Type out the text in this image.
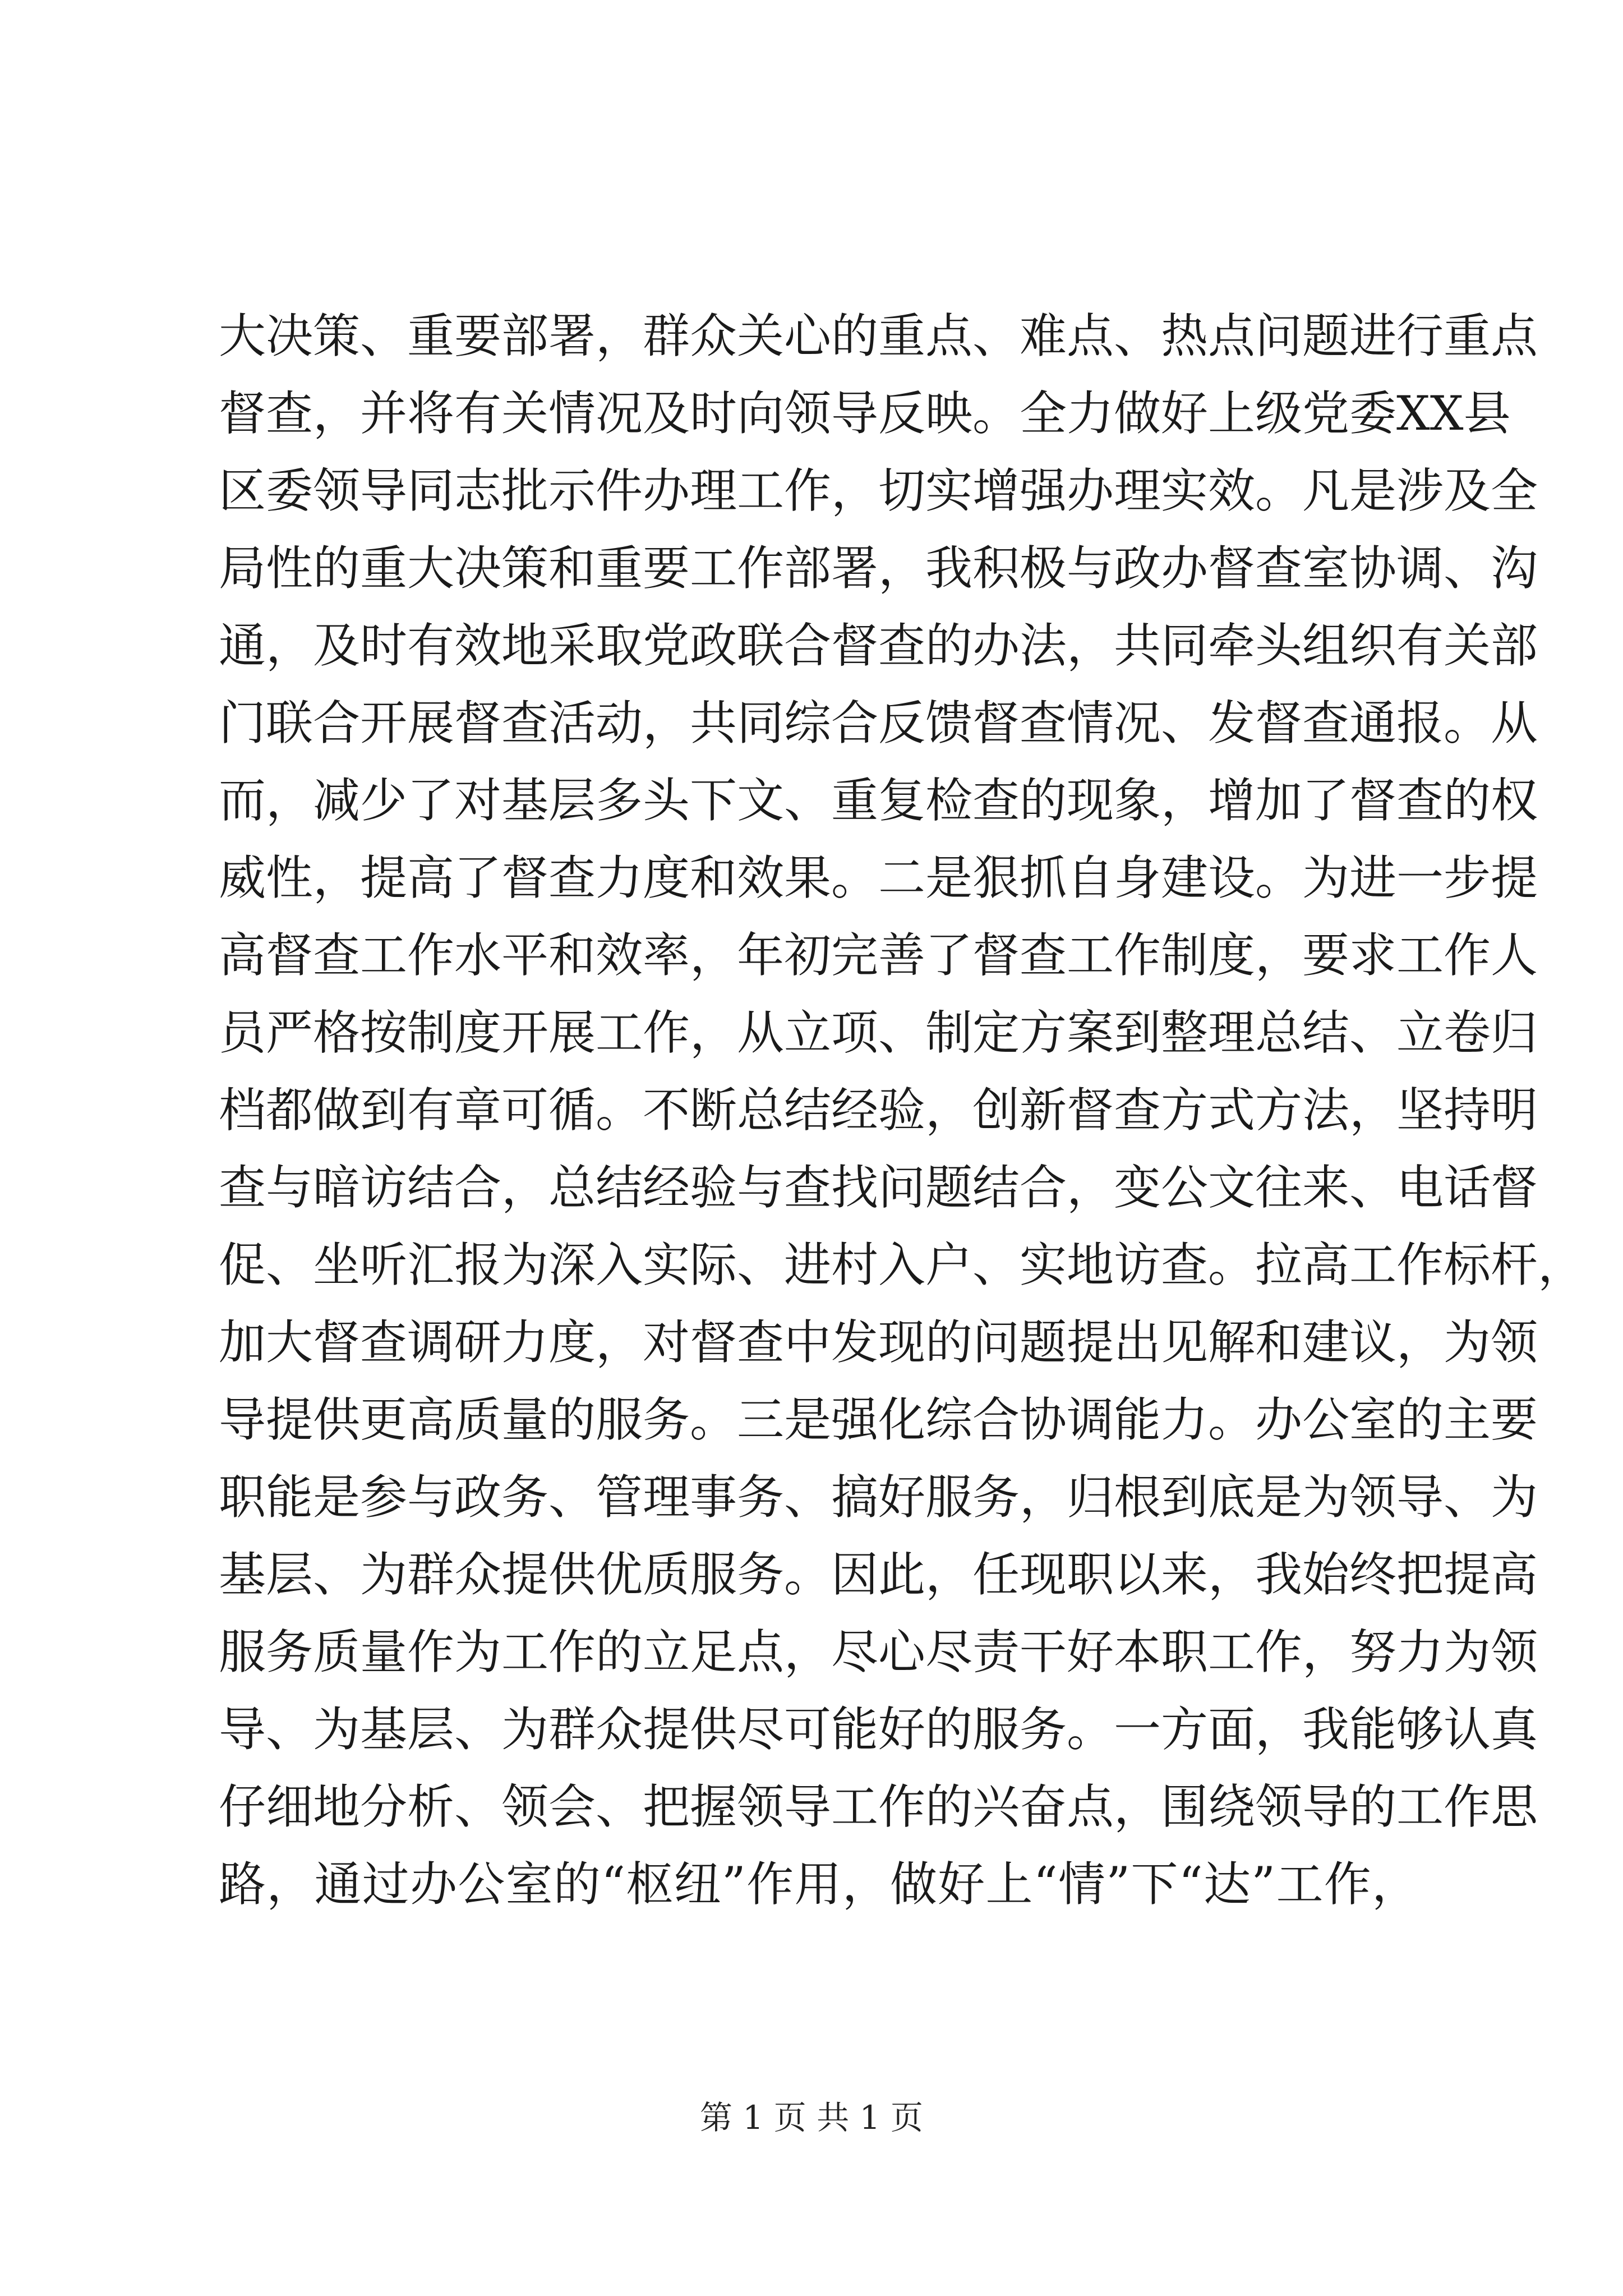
大决策、重要部署，群众关心的重点、难点、热点问题进行重点
督查，并将有关情况及时向领导反映。全力做好上级党委XX县
区委领导同志批示件办理工作，切实增强办理实效。凡是涉及全
局性的重大决策和重要工作部署，我积极与政办督查室协调、沟
通，及时有效地采取党政联合督查的办法，共同牵头组织有关部
门联合开展督查活动，共同综合反馈督查情况、发督查通报。从
而，减少了对基层多头下文、重复检查的现象，增加了督查的权
威性，提高了督查力度和效果。二是狠抓自身建设。为进一步提
高督查工作水平和效率，年初完善了督查工作制度，要求工作人
员严格按制度开展工作，从立项、制定方案到整理总结、立卷归
档都做到有章可循。不断总结经验，创新督查方式方法，坚持明
查与暗访结合，总结经验与查找问题结合，变公文往来、电话督
促、坐听汇报为深入实际、进村入户、实地访查。拉高工作标杆，
加大督查调研力度，对督查中发现的问题提出见解和建议，为领
导提供更高质量的服务。三是强化综合协调能力。办公室的主要
职能是参与政务、管理事务、搞好服务，归根到底是为领导、为
基层、为群众提供优质服务。因此，任现职以来，我始终把提高
服务质量作为工作的立足点，尽心尽责干好本职工作，努力为领
导、为基层、为群众提供尽可能好的服务。一方面，我能够认真
仔细地分析、领会、把握领导工作的兴奋点，围绕领导的工作思
路，通过办公室的“枢纽”作用，做好上“情”下“达”工作，
第 1 页 共 1 页
